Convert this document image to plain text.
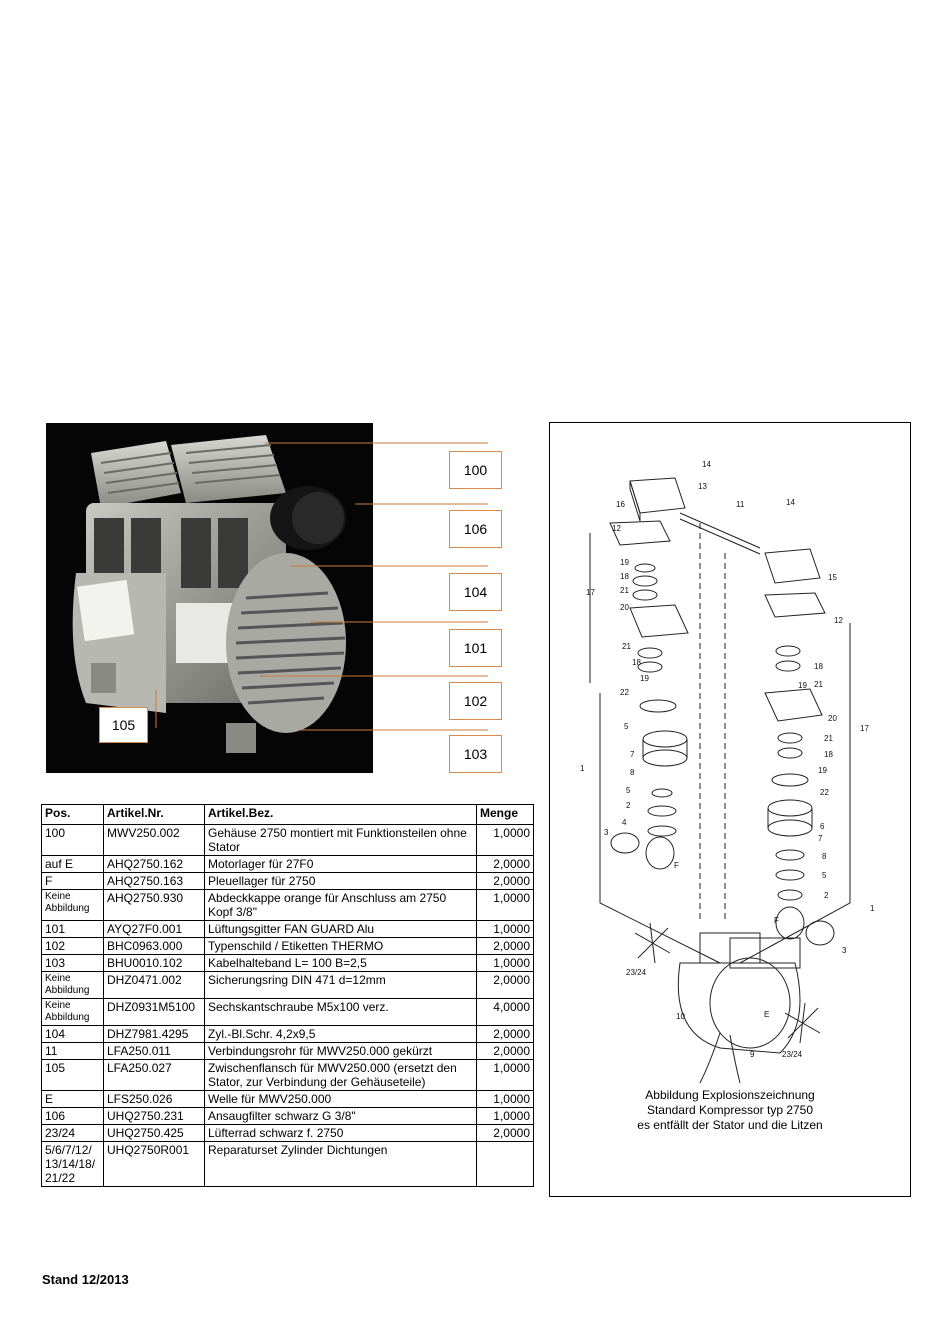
100
106
104
101
102
103
105
Pos.	Artikel.Nr.	Artikel.Bez.	Menge
100	MWV250.002	Gehäuse 2750 montiert mit Funktionsteilen ohne Stator	1,0000
auf E	AHQ2750.162	Motorlager für 27F0	2,0000
F	AHQ2750.163	Pleuellager für 2750	2,0000
Keine Abbildung	AHQ2750.930	Abdeckkappe orange für Anschluss am 2750 Kopf 3/8"	1,0000
101	AYQ27F0.001	Lüftungsgitter FAN GUARD Alu	1,0000
102	BHC0963.000	Typenschild / Etiketten THERMO	2,0000
103	BHU0010.102	Kabelhalteband L= 100 B=2,5	1,0000
Keine Abbildung	DHZ0471.002	Sicherungsring DIN 471 d=12mm	2,0000
Keine Abbildung	DHZ0931M5100	Sechskantschraube M5x100 verz.	4,0000
104	DHZ7981.4295	Zyl.-Bl.Schr. 4,2x9,5	2,0000
11	LFA250.011	Verbindungsrohr für MWV250.000 gekürzt	2,0000
105	LFA250.027	Zwischenflansch für MWV250.000 (ersetzt den Stator, zur Verbindung der Gehäuseteile)	1,0000
E	LFS250.026	Welle für MWV250.000	1,0000
106	UHQ2750.231	Ansaugfilter schwarz G 3/8"	1,0000
23/24	UHQ2750.425	Lüfterrad schwarz f. 2750	2,0000
5/6/7/12/ 13/14/18/ 21/22	UHQ2750R001	Reparaturset Zylinder Dichtungen	
14
16
13
11	14
12
19
18
21
20
17
15
12
21
18
19
22
5
7
8
5
2
4
3
F
1
19
18
21
20
17
21
18
19
22
6
7
8
5
2
F
3
1
23/24
10	E
9	23/24
Abbildung Explosionszeichnung
Standard Kompressor typ 2750
es entfällt der Stator und die Litzen
Stand 12/2013
